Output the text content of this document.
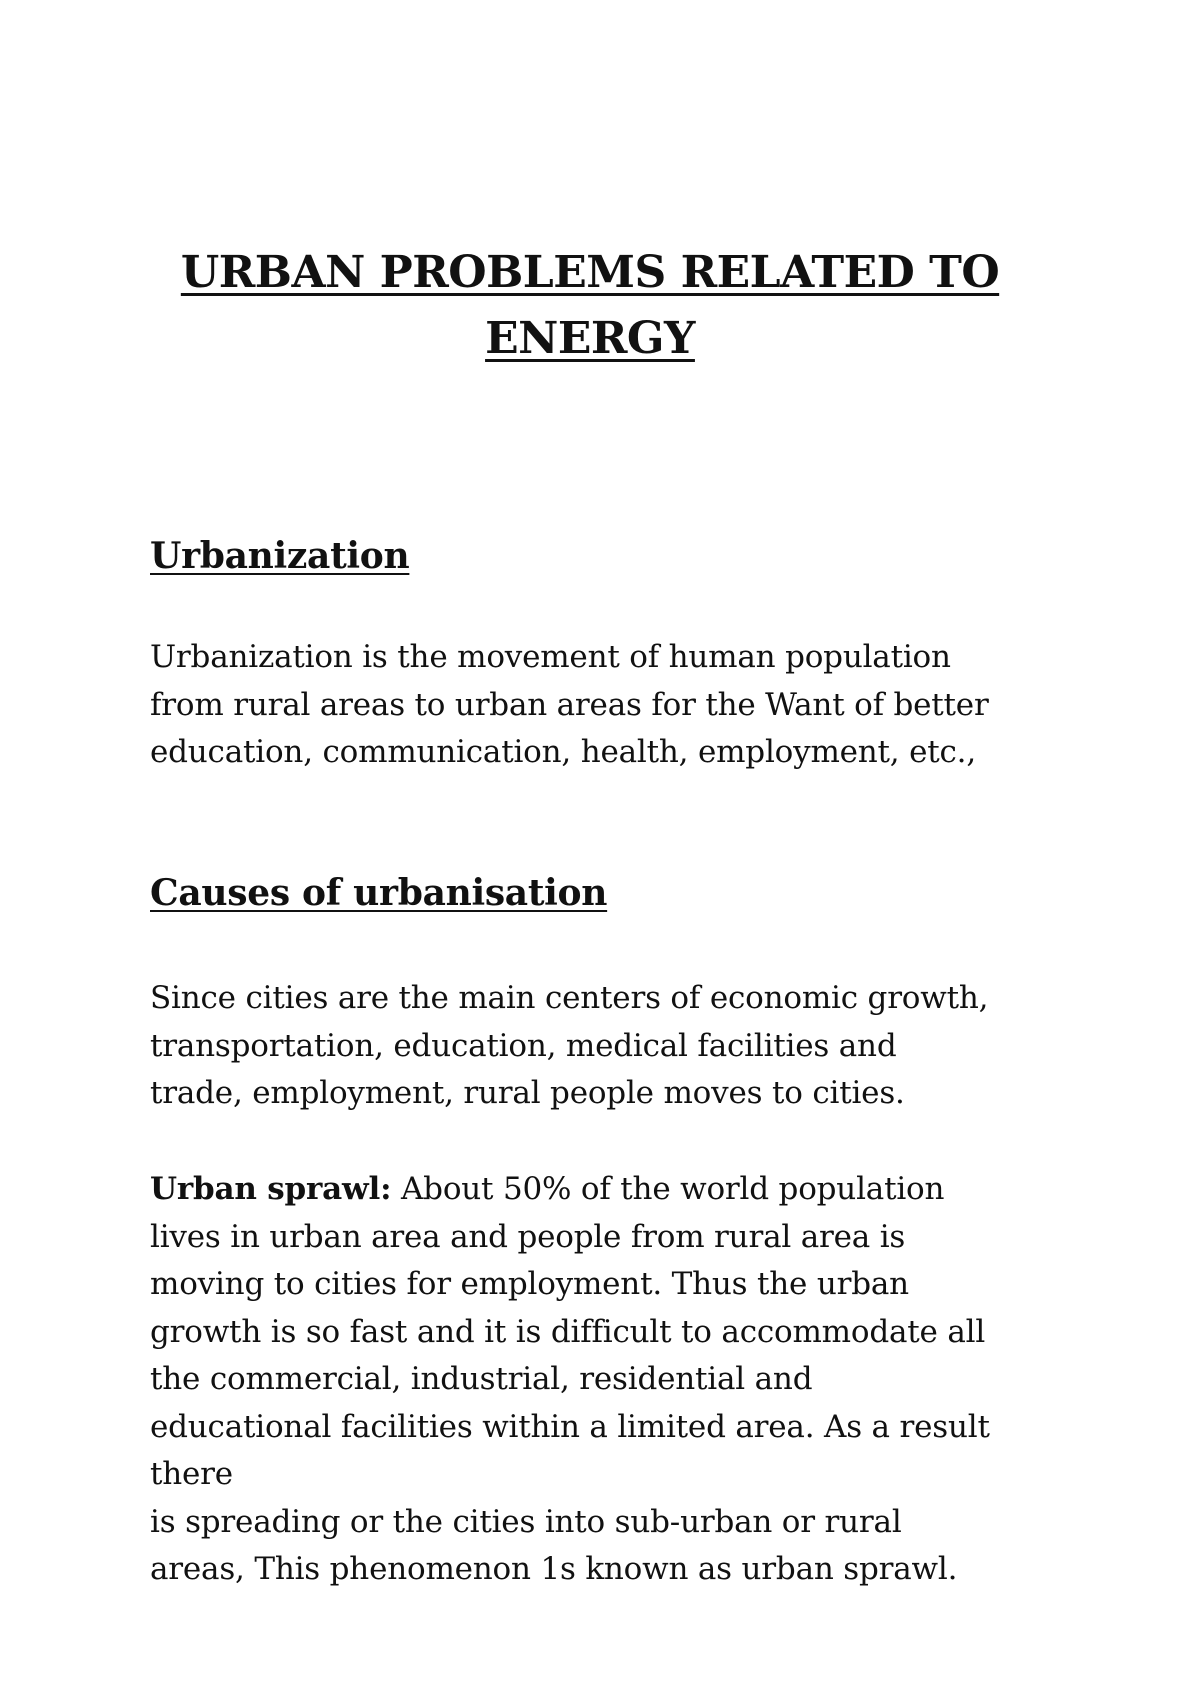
URBAN PROBLEMS RELATED TO
ENERGY
Urbanization

Urbanization is the movement of human population
from rural areas to urban areas for the Want of better
education, communication, health, employment, etc.,

Causes of urbanisation

Since cities are the main centers of economic growth,
transportation, education, medical facilities and
trade, employment, rural people moves to cities.

Urban sprawl: About 50% of the world population
lives in urban area and people from rural area is
moving to cities for employment. Thus the urban
growth is so fast and it is difficult to accommodate all
the commercial, industrial, residential and
educational facilities within a limited area. As a result
there
is spreading or the cities into sub-urban or rural
areas, This phenomenon 1s known as urban sprawl.
